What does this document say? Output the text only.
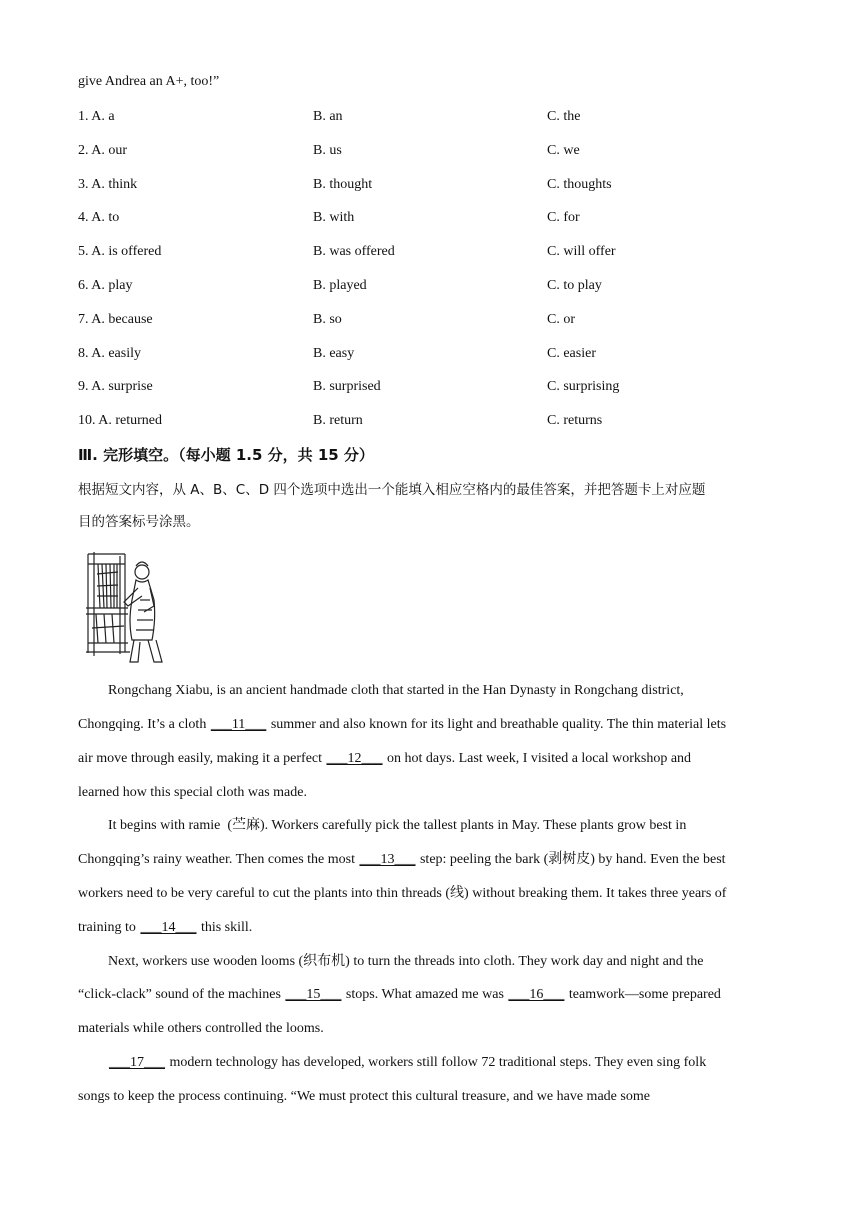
give Andrea an A+, too!”
1. A. a	B. an	C. the
2. A. our	B. us	C. we
3. A. think	B. thought	C. thoughts
4. A. to	B. with	C. for
5. A. is offered	B. was offered	C. will offer
6. A. play	B. played	C. to play
7. A. because	B. so	C. or
8. A. easily	B. easy	C. easier
9. A. surprise	B. surprised	C. surprising
10. A. returned	B. return	C. returns
Ⅲ. 完形填空。（每小题 1.5 分，共 15 分）
根据短文内容，从 A、B、C、D 四个选项中选出一个能填入相应空格内的最佳答案，并把答题卡上对应题
目的答案标号涂黑。
Rongchang Xiabu, is an ancient handmade cloth that started in the Han Dynasty in Rongchang district,
Chongqing. It’s a cloth ___11___ summer and also known for its light and breathable quality. The thin material lets
air move through easily, making it a perfect ___12___ on hot days. Last week, I visited a local workshop and
learned how this special cloth was made.
It begins with ramie  (苎麻). Workers carefully pick the tallest plants in May. These plants grow best in
Chongqing’s rainy weather. Then comes the most ___13___ step: peeling the bark (剥树皮) by hand. Even the best
workers need to be very careful to cut the plants into thin threads (线) without breaking them. It takes three years of
training to ___14___ this skill.
Next, workers use wooden looms (织布机) to turn the threads into cloth. They work day and night and the
“click-clack” sound of the machines ___15___ stops. What amazed me was ___16___ teamwork—some prepared
materials while others controlled the looms.
___17___ modern technology has developed, workers still follow 72 traditional steps. They even sing folk
songs to keep the process continuing. “We must protect this cultural treasure, and we have made some
